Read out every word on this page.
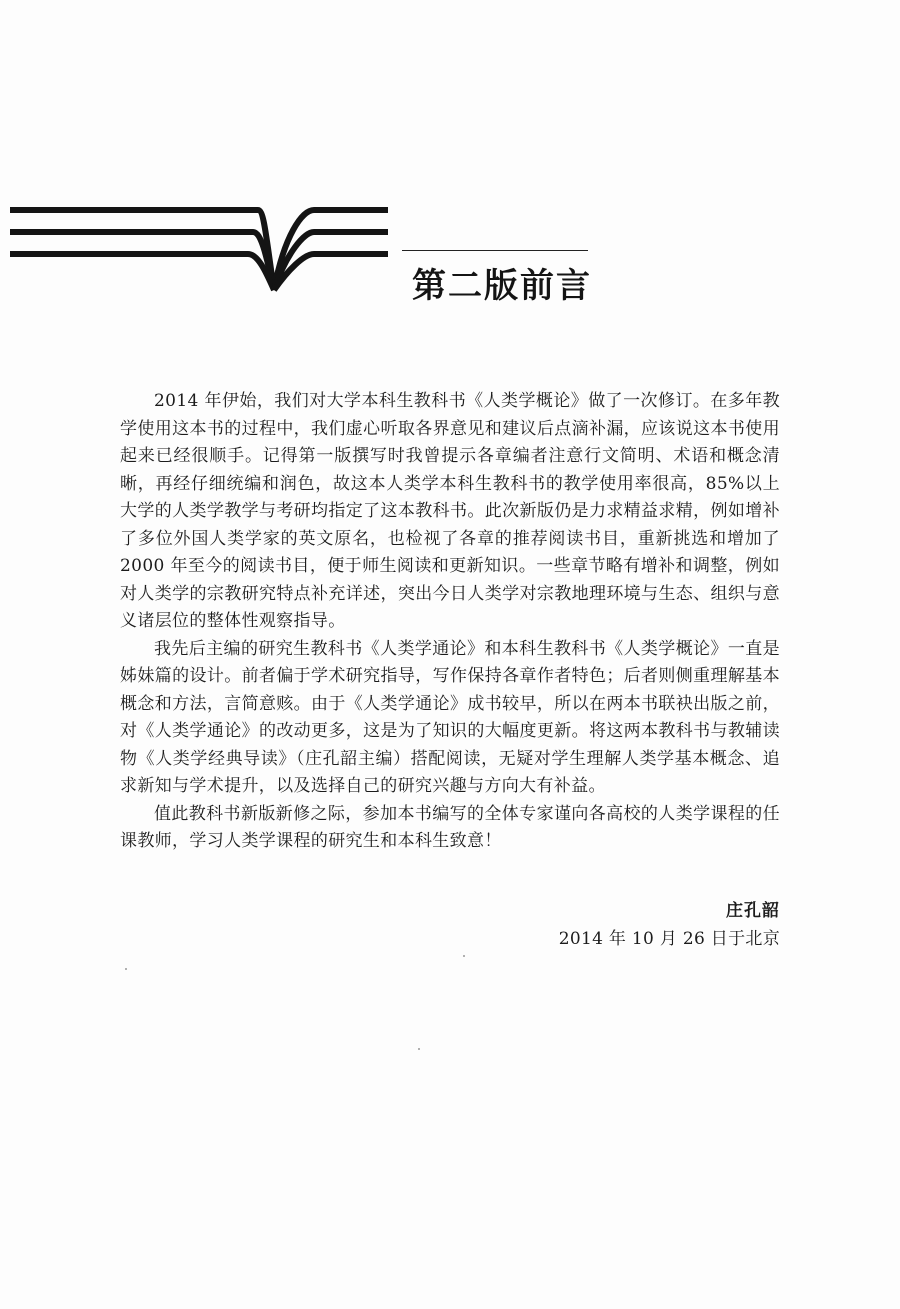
第二版前言

2014 年伊始，我们对大学本科生教科书《人类学概论》做了一次修订。在多年教学使用这本书的过程中，我们虚心听取各界意见和建议后点滴补漏，应该说这本书使用起来已经很顺手。记得第一版撰写时我曾提示各章编者注意行文简明、术语和概念清晰，再经仔细统编和润色，故这本人类学本科生教科书的教学使用率很高，85%以上大学的人类学教学与考研均指定了这本教科书。此次新版仍是力求精益求精，例如增补了多位外国人类学家的英文原名，也检视了各章的推荐阅读书目，重新挑选和增加了 2000 年至今的阅读书目，便于师生阅读和更新知识。一些章节略有增补和调整，例如对人类学的宗教研究特点补充详述，突出今日人类学对宗教地理环境与生态、组织与意义诸层位的整体性观察指导。

我先后主编的研究生教科书《人类学通论》和本科生教科书《人类学概论》一直是姊妹篇的设计。前者偏于学术研究指导，写作保持各章作者特色；后者则侧重理解基本概念和方法，言简意赅。由于《人类学通论》成书较早，所以在两本书联袂出版之前，对《人类学通论》的改动更多，这是为了知识的大幅度更新。将这两本教科书与教辅读物《人类学经典导读》（庄孔韶主编）搭配阅读，无疑对学生理解人类学基本概念、追求新知与学术提升，以及选择自己的研究兴趣与方向大有补益。

值此教科书新版新修之际，参加本书编写的全体专家谨向各高校的人类学课程的任课教师，学习人类学课程的研究生和本科生致意！

庄孔韶
2014 年 10 月 26 日于北京
